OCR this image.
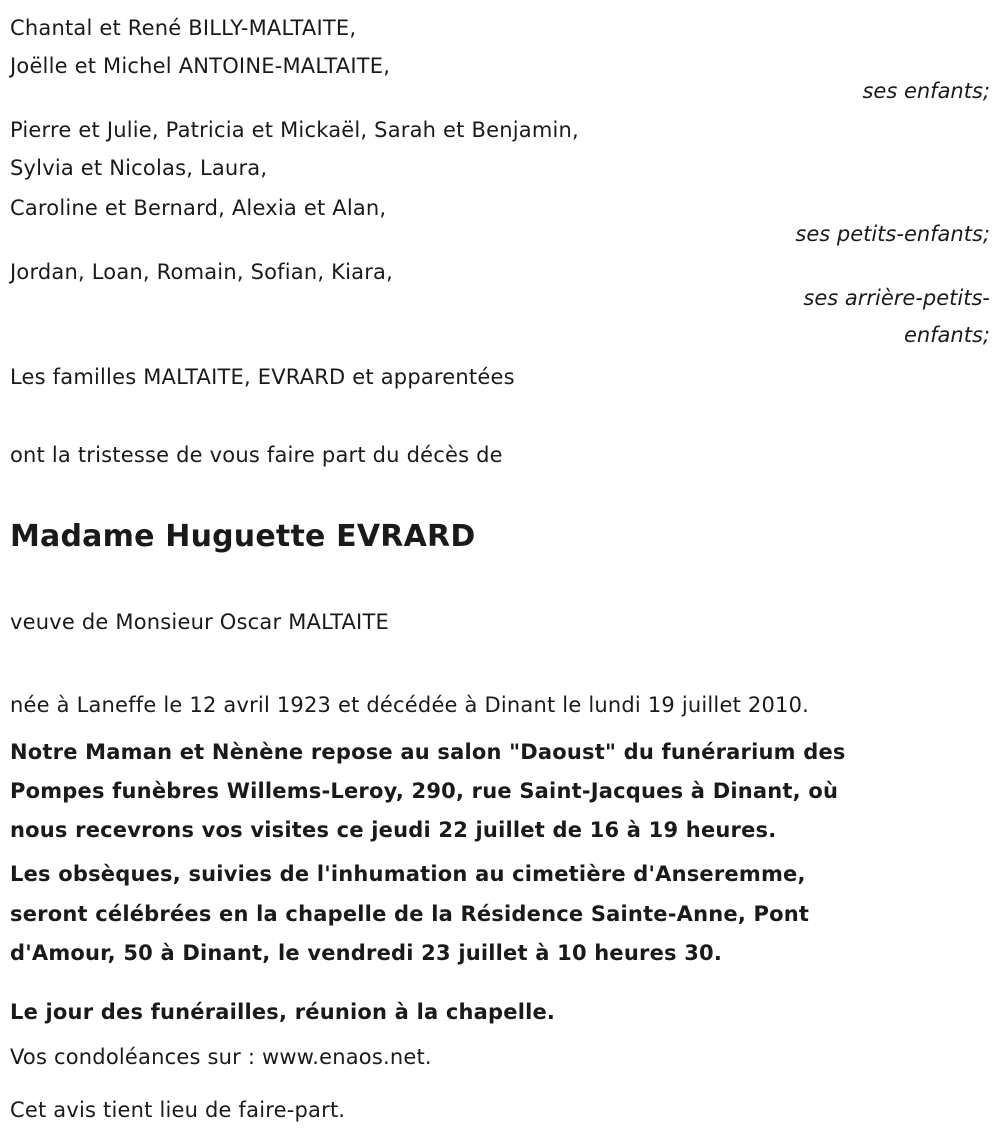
Chantal et René BILLY-MALTAITE,
Joëlle et Michel ANTOINE-MALTAITE,
ses enfants;
Pierre et Julie, Patricia et Mickaël, Sarah et Benjamin,
Sylvia et Nicolas, Laura,
Caroline et Bernard, Alexia et Alan,
ses petits-enfants;
Jordan, Loan, Romain, Sofian, Kiara,
ses arrière-petits-
enfants;
Les familles MALTAITE, EVRARD et apparentées
ont la tristesse de vous faire part du décès de
Madame Huguette EVRARD
veuve de Monsieur Oscar MALTAITE
née à Laneffe le 12 avril 1923 et décédée à Dinant le lundi 19 juillet 2010.
Notre Maman et Nènène repose au salon "Daoust" du funérarium des
Pompes funèbres Willems-Leroy, 290, rue Saint-Jacques à Dinant, où
nous recevrons vos visites ce jeudi 22 juillet de 16 à 19 heures.
Les obsèques, suivies de l'inhumation au cimetière d'Anseremme,
seront célébrées en la chapelle de la Résidence Sainte-Anne, Pont
d'Amour, 50 à Dinant, le vendredi 23 juillet à 10 heures 30.
Le jour des funérailles, réunion à la chapelle.
Vos condoléances sur : www.enaos.net.
Cet avis tient lieu de faire-part.
